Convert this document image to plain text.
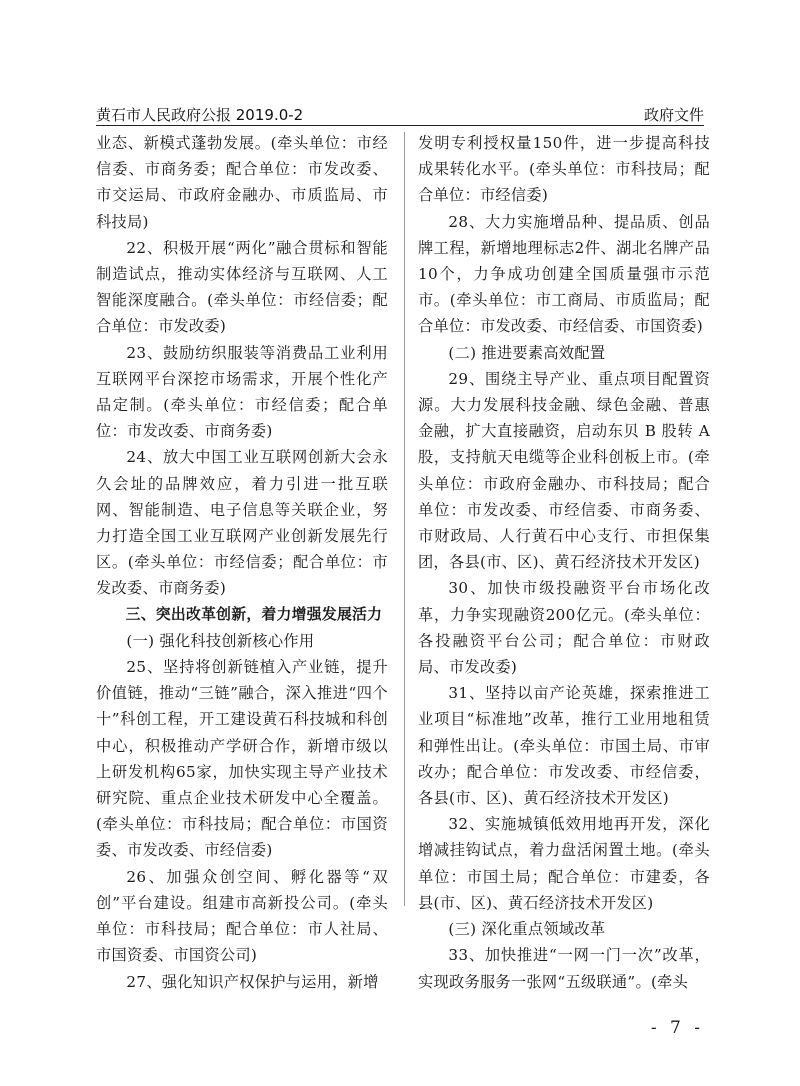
黄石市人民政府公报 2019.0-2	政府文件

业态、新模式蓬勃发展。(牵头单位：市经信委、市商务委；配合单位：市发改委、市交运局、市政府金融办、市质监局、市科技局)

22、积极开展“两化”融合贯标和智能制造试点，推动实体经济与互联网、人工智能深度融合。(牵头单位：市经信委；配合单位：市发改委)

23、鼓励纺织服装等消费品工业利用互联网平台深挖市场需求，开展个性化产品定制。(牵头单位：市经信委；配合单位：市发改委、市商务委)

24、放大中国工业互联网创新大会永久会址的品牌效应，着力引进一批互联网、智能制造、电子信息等关联企业，努力打造全国工业互联网产业创新发展先行区。(牵头单位：市经信委；配合单位：市发改委、市商务委)

三、突出改革创新，着力增强发展活力

(一) 强化科技创新核心作用

25、坚持将创新链植入产业链，提升价值链，推动“三链”融合，深入推进“四个十”科创工程，开工建设黄石科技城和科创中心，积极推动产学研合作，新增市级以上研发机构65家，加快实现主导产业技术研究院、重点企业技术研发中心全覆盖。(牵头单位：市科技局；配合单位：市国资委、市发改委、市经信委)

26、加强众创空间、孵化器等“双创”平台建设。组建市高新投公司。(牵头单位：市科技局；配合单位：市人社局、市国资委、市国资公司)

27、强化知识产权保护与运用，新增

发明专利授权量150件，进一步提高科技成果转化水平。(牵头单位：市科技局；配合单位：市经信委)

28、大力实施增品种、提品质、创品牌工程，新增地理标志2件、湖北名牌产品10个，力争成功创建全国质量强市示范市。(牵头单位：市工商局、市质监局；配合单位：市发改委、市经信委、市国资委)

(二) 推进要素高效配置

29、围绕主导产业、重点项目配置资源。大力发展科技金融、绿色金融、普惠金融，扩大直接融资，启动东贝 B 股转 A 股，支持航天电缆等企业科创板上市。(牵头单位：市政府金融办、市科技局；配合单位：市发改委、市经信委、市商务委、市财政局、人行黄石中心支行、市担保集团，各县(市、区)、黄石经济技术开发区)

30、加快市级投融资平台市场化改革，力争实现融资200亿元。(牵头单位：各投融资平台公司；配合单位：市财政局、市发改委)

31、坚持以亩产论英雄，探索推进工业项目“标准地”改革，推行工业用地租赁和弹性出让。(牵头单位：市国土局、市审改办；配合单位：市发改委、市经信委，各县(市、区)、黄石经济技术开发区)

32、实施城镇低效用地再开发，深化增减挂钩试点，着力盘活闲置土地。(牵头单位：市国土局；配合单位：市建委，各县(市、区)、黄石经济技术开发区)

(三) 深化重点领域改革

33、加快推进“一网一门一次”改革，实现政务服务一张网“五级联通”。(牵头

- 7 -
